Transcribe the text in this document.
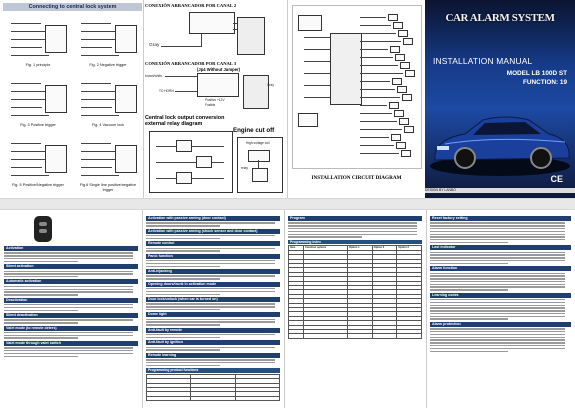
Connecting to central lock system
Fig. 1 principle	Fig. 2 Negative trigger
Fig. 3 Positive trigger	Fig. 4 Vacuum lock
Fig. 5 Positive/Negative trigger	Fig.6 Single line positive/negative trigger
CONEXIÓN ARRANCADOR POR CANAL 2
Gray
CONEXIÓN ARRANCADOR POR CANAL 3
(Jp4 Without Jumper)
brown/white
TO HORN
Positivo +12V
Fusible
Gray
Central lock output conversion external relay diagram
Engine cut off
High-voltage coil
relay
INSTALLATION CIRCUIT DIAGRAM
CAR ALARM SYSTEM
INSTALLATION MANUAL
MODEL LB 100D ST
FUNCTION: 19
CE
DESIGN BY LANBO
Activation
Silent activation
Automatic activation
Deactivation
Silent deactivation
Valet mode (to remote deters)
Valet mode through valet switch
Activation with passive arming (door contact)
Activation with passive arming (shock sensor and door contact)
Remote control
Panic function
Anti-hijacking
Opening doors/trunk in activation mode
Door lock/unlock (when car is turned on)
Dome light
Anti-fault by remote
Anti-fault by ignition
Remote learning
Programming product functions

Program
Programming index
Item	Function options	Option 1	Option 2	Option 3

Reset factory setting
Last indicator
Alarm function
Learning codes
Alarm protection
